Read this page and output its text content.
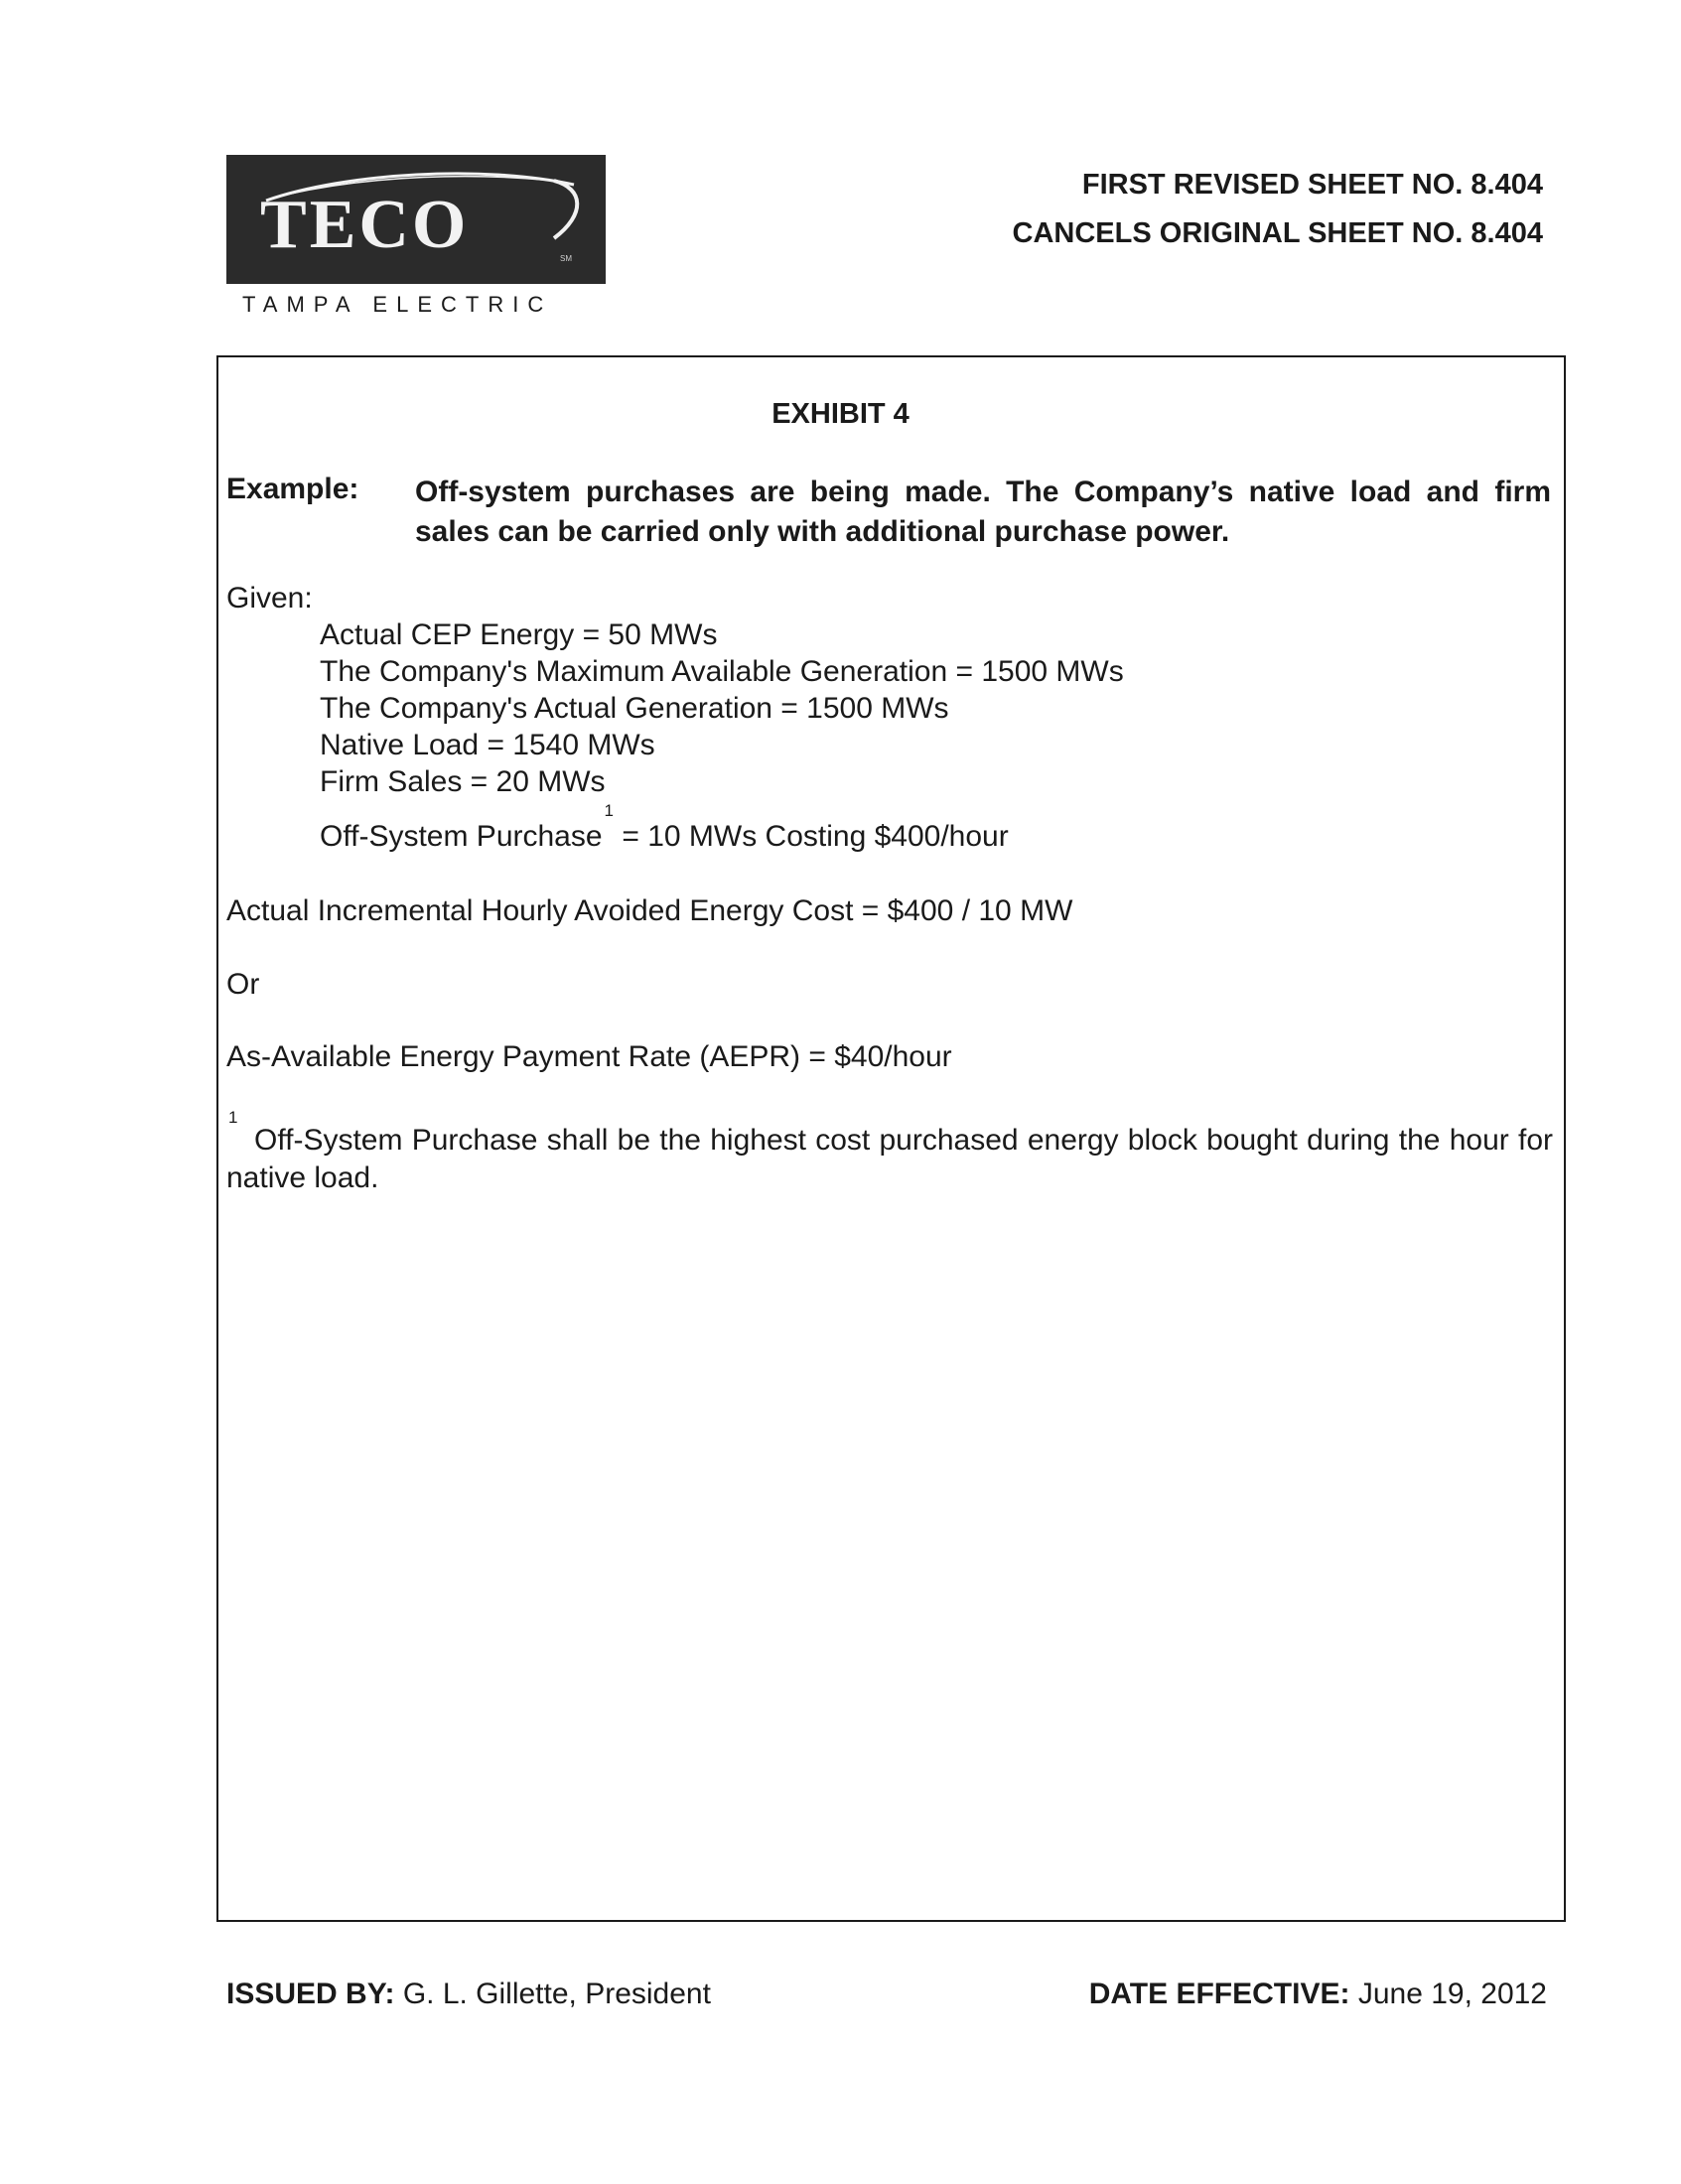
TECO	SM
TAMPA ELECTRIC
FIRST REVISED SHEET NO. 8.404
CANCELS ORIGINAL SHEET NO. 8.404
EXHIBIT 4
Example: Off-system purchases are being made. The Company’s native load and firm sales can be carried only with additional purchase power.
Given:
Actual CEP Energy = 50 MWs
The Company's Maximum Available Generation = 1500 MWs
The Company's Actual Generation = 1500 MWs
Native Load = 1540 MWs
Firm Sales = 20 MWs
Off-System Purchase$^1$ = 10 MWs Costing $400/hour
Actual Incremental Hourly Avoided Energy Cost = $400 / 10 MW
Or
As-Available Energy Payment Rate (AEPR) = $40/hour
1
Off-System Purchase shall be the highest cost purchased energy block bought during the hour for native load.
ISSUED BY: G. L. Gillette, President	DATE EFFECTIVE: June 19, 2012
